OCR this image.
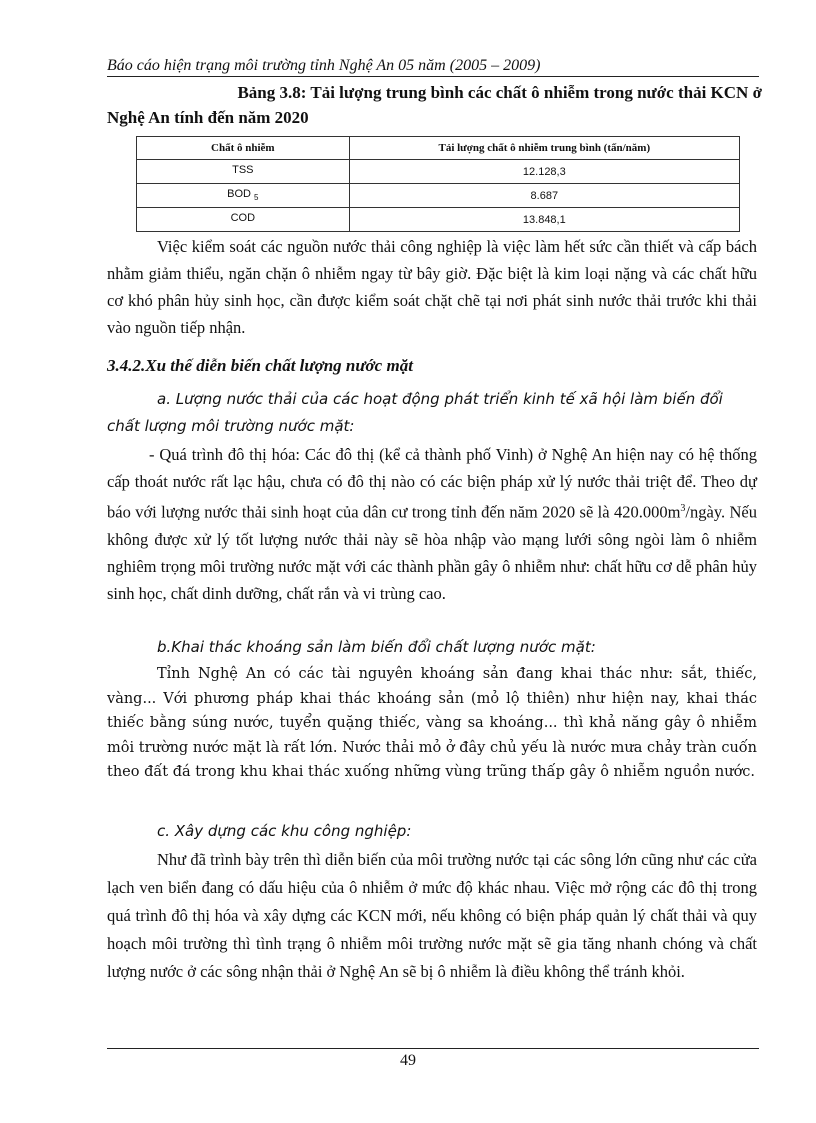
Báo cáo hiện trạng môi trường tỉnh Nghệ An 05 năm (2005 – 2009)
Bảng 3.8: Tải lượng trung bình các chất ô nhiễm trong nước thải KCN ở
Nghệ An tính đến năm 2020
Chất ô nhiễm	Tải lượng chất ô nhiễm trung bình (tấn/năm)
TSS	12.128,3
BOD $_5$	8.687
COD	13.848,1

Việc kiểm soát các nguồn nước thải công nghiệp là việc làm hết sức cần thiết và cấp bách nhằm giảm thiểu, ngăn chặn ô nhiễm ngay từ bây giờ. Đặc biệt là kim loại nặng và các chất hữu cơ khó phân hủy sinh học, cần được kiểm soát chặt chẽ tại nơi phát sinh nước thải trước khi thải vào nguồn tiếp nhận.

3.4.2.Xu thế diễn biến chất lượng nước mặt

a. Lượng nước thải của các hoạt động phát triển kinh tế xã hội làm biến đổi chất lượng môi trường nước mặt:

- Quá trình đô thị hóa: Các đô thị (kể cả thành phố Vinh) ở Nghệ An hiện nay có hệ thống cấp thoát nước rất lạc hậu, chưa có đô thị nào có các biện pháp xử lý nước thải triệt để. Theo dự báo với lượng nước thải sinh hoạt của dân cư trong tỉnh đến năm 2020 sẽ là $420.000m^3$/ngày. Nếu không được xử lý tốt lượng nước thải này sẽ hòa nhập vào mạng lưới sông ngòi làm ô nhiễm nghiêm trọng môi trường nước mặt với các thành phần gây ô nhiễm như: chất hữu cơ dễ phân hủy sinh học, chất dinh dưỡng, chất rắn và vi trùng cao.

b.Khai thác khoáng sản làm biến đổi chất lượng nước mặt:

Tỉnh Nghệ An có các tài nguyên khoáng sản đang khai thác như: sắt, thiếc, vàng... Với phương pháp khai thác khoáng sản (mỏ lộ thiên) như hiện nay, khai thác thiếc bằng súng nước, tuyển quặng thiếc, vàng sa khoáng... thì khả năng gây ô nhiễm môi trường nước mặt là rất lớn. Nước thải mỏ ở đây chủ yếu là nước mưa chảy tràn cuốn theo đất đá trong khu khai thác xuống những vùng trũng thấp gây ô nhiễm nguồn nước.

c. Xây dựng các khu công nghiệp:

Như đã trình bày trên thì diễn biến của môi trường nước tại các sông lớn cũng như các cửa lạch ven biển đang có dấu hiệu của ô nhiễm ở mức độ khác nhau. Việc mở rộng các đô thị trong quá trình đô thị hóa và xây dựng các KCN mới, nếu không có biện pháp quản lý chất thải và quy hoạch môi trường thì tình trạng ô nhiễm môi trường nước mặt sẽ gia tăng nhanh chóng và chất lượng nước ở các sông nhận thải ở Nghệ An sẽ bị ô nhiễm là điều không thể tránh khỏi.

49
